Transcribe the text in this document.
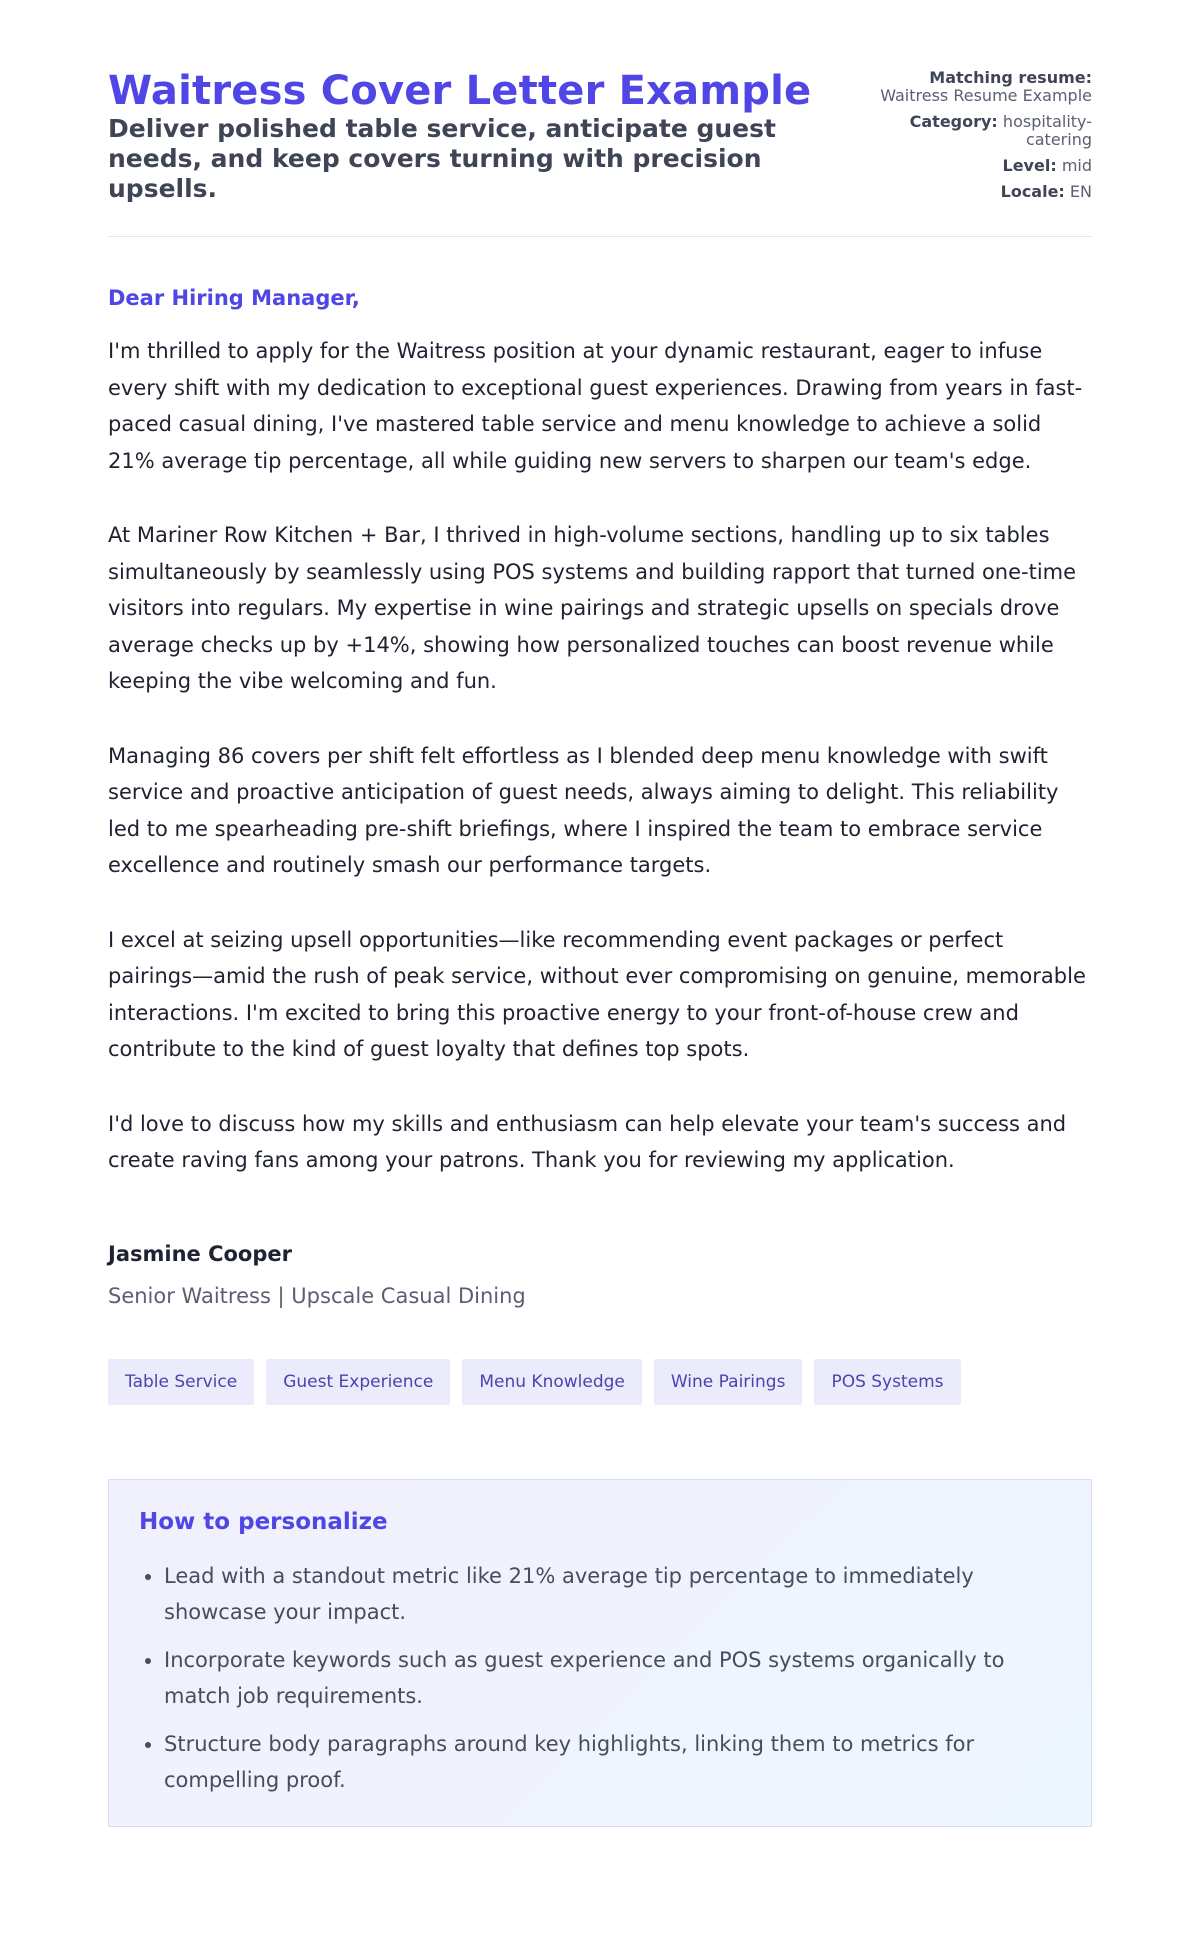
Waitress Cover Letter Example

Deliver polished table service, anticipate guest needs, and keep covers turning with precision upsells.

Matching resume:
Waitress Resume Example
Category: hospitality-catering
Level: mid
Locale: EN

Dear Hiring Manager,

I'm thrilled to apply for the Waitress position at your dynamic restaurant, eager to infuse every shift with my dedication to exceptional guest experiences. Drawing from years in fast-paced casual dining, I've mastered table service and menu knowledge to achieve a solid 21% average tip percentage, all while guiding new servers to sharpen our team's edge.

At Mariner Row Kitchen + Bar, I thrived in high-volume sections, handling up to six tables simultaneously by seamlessly using POS systems and building rapport that turned one-time visitors into regulars. My expertise in wine pairings and strategic upsells on specials drove average checks up by +14%, showing how personalized touches can boost revenue while keeping the vibe welcoming and fun.

Managing 86 covers per shift felt effortless as I blended deep menu knowledge with swift service and proactive anticipation of guest needs, always aiming to delight. This reliability led to me spearheading pre-shift briefings, where I inspired the team to embrace service excellence and routinely smash our performance targets.

I excel at seizing upsell opportunities—like recommending event packages or perfect pairings—amid the rush of peak service, without ever compromising on genuine, memorable interactions. I'm excited to bring this proactive energy to your front-of-house crew and contribute to the kind of guest loyalty that defines top spots.

I'd love to discuss how my skills and enthusiasm can help elevate your team's success and create raving fans among your patrons. Thank you for reviewing my application.

Jasmine Cooper
Senior Waitress | Upscale Casual Dining
Table Service	Guest Experience	Menu Knowledge	Wine Pairings	POS Systems
How to personalize
• Lead with a standout metric like 21% average tip percentage to immediately showcase your impact.
• Incorporate keywords such as guest experience and POS systems organically to match job requirements.
• Structure body paragraphs around key highlights, linking them to metrics for compelling proof.
